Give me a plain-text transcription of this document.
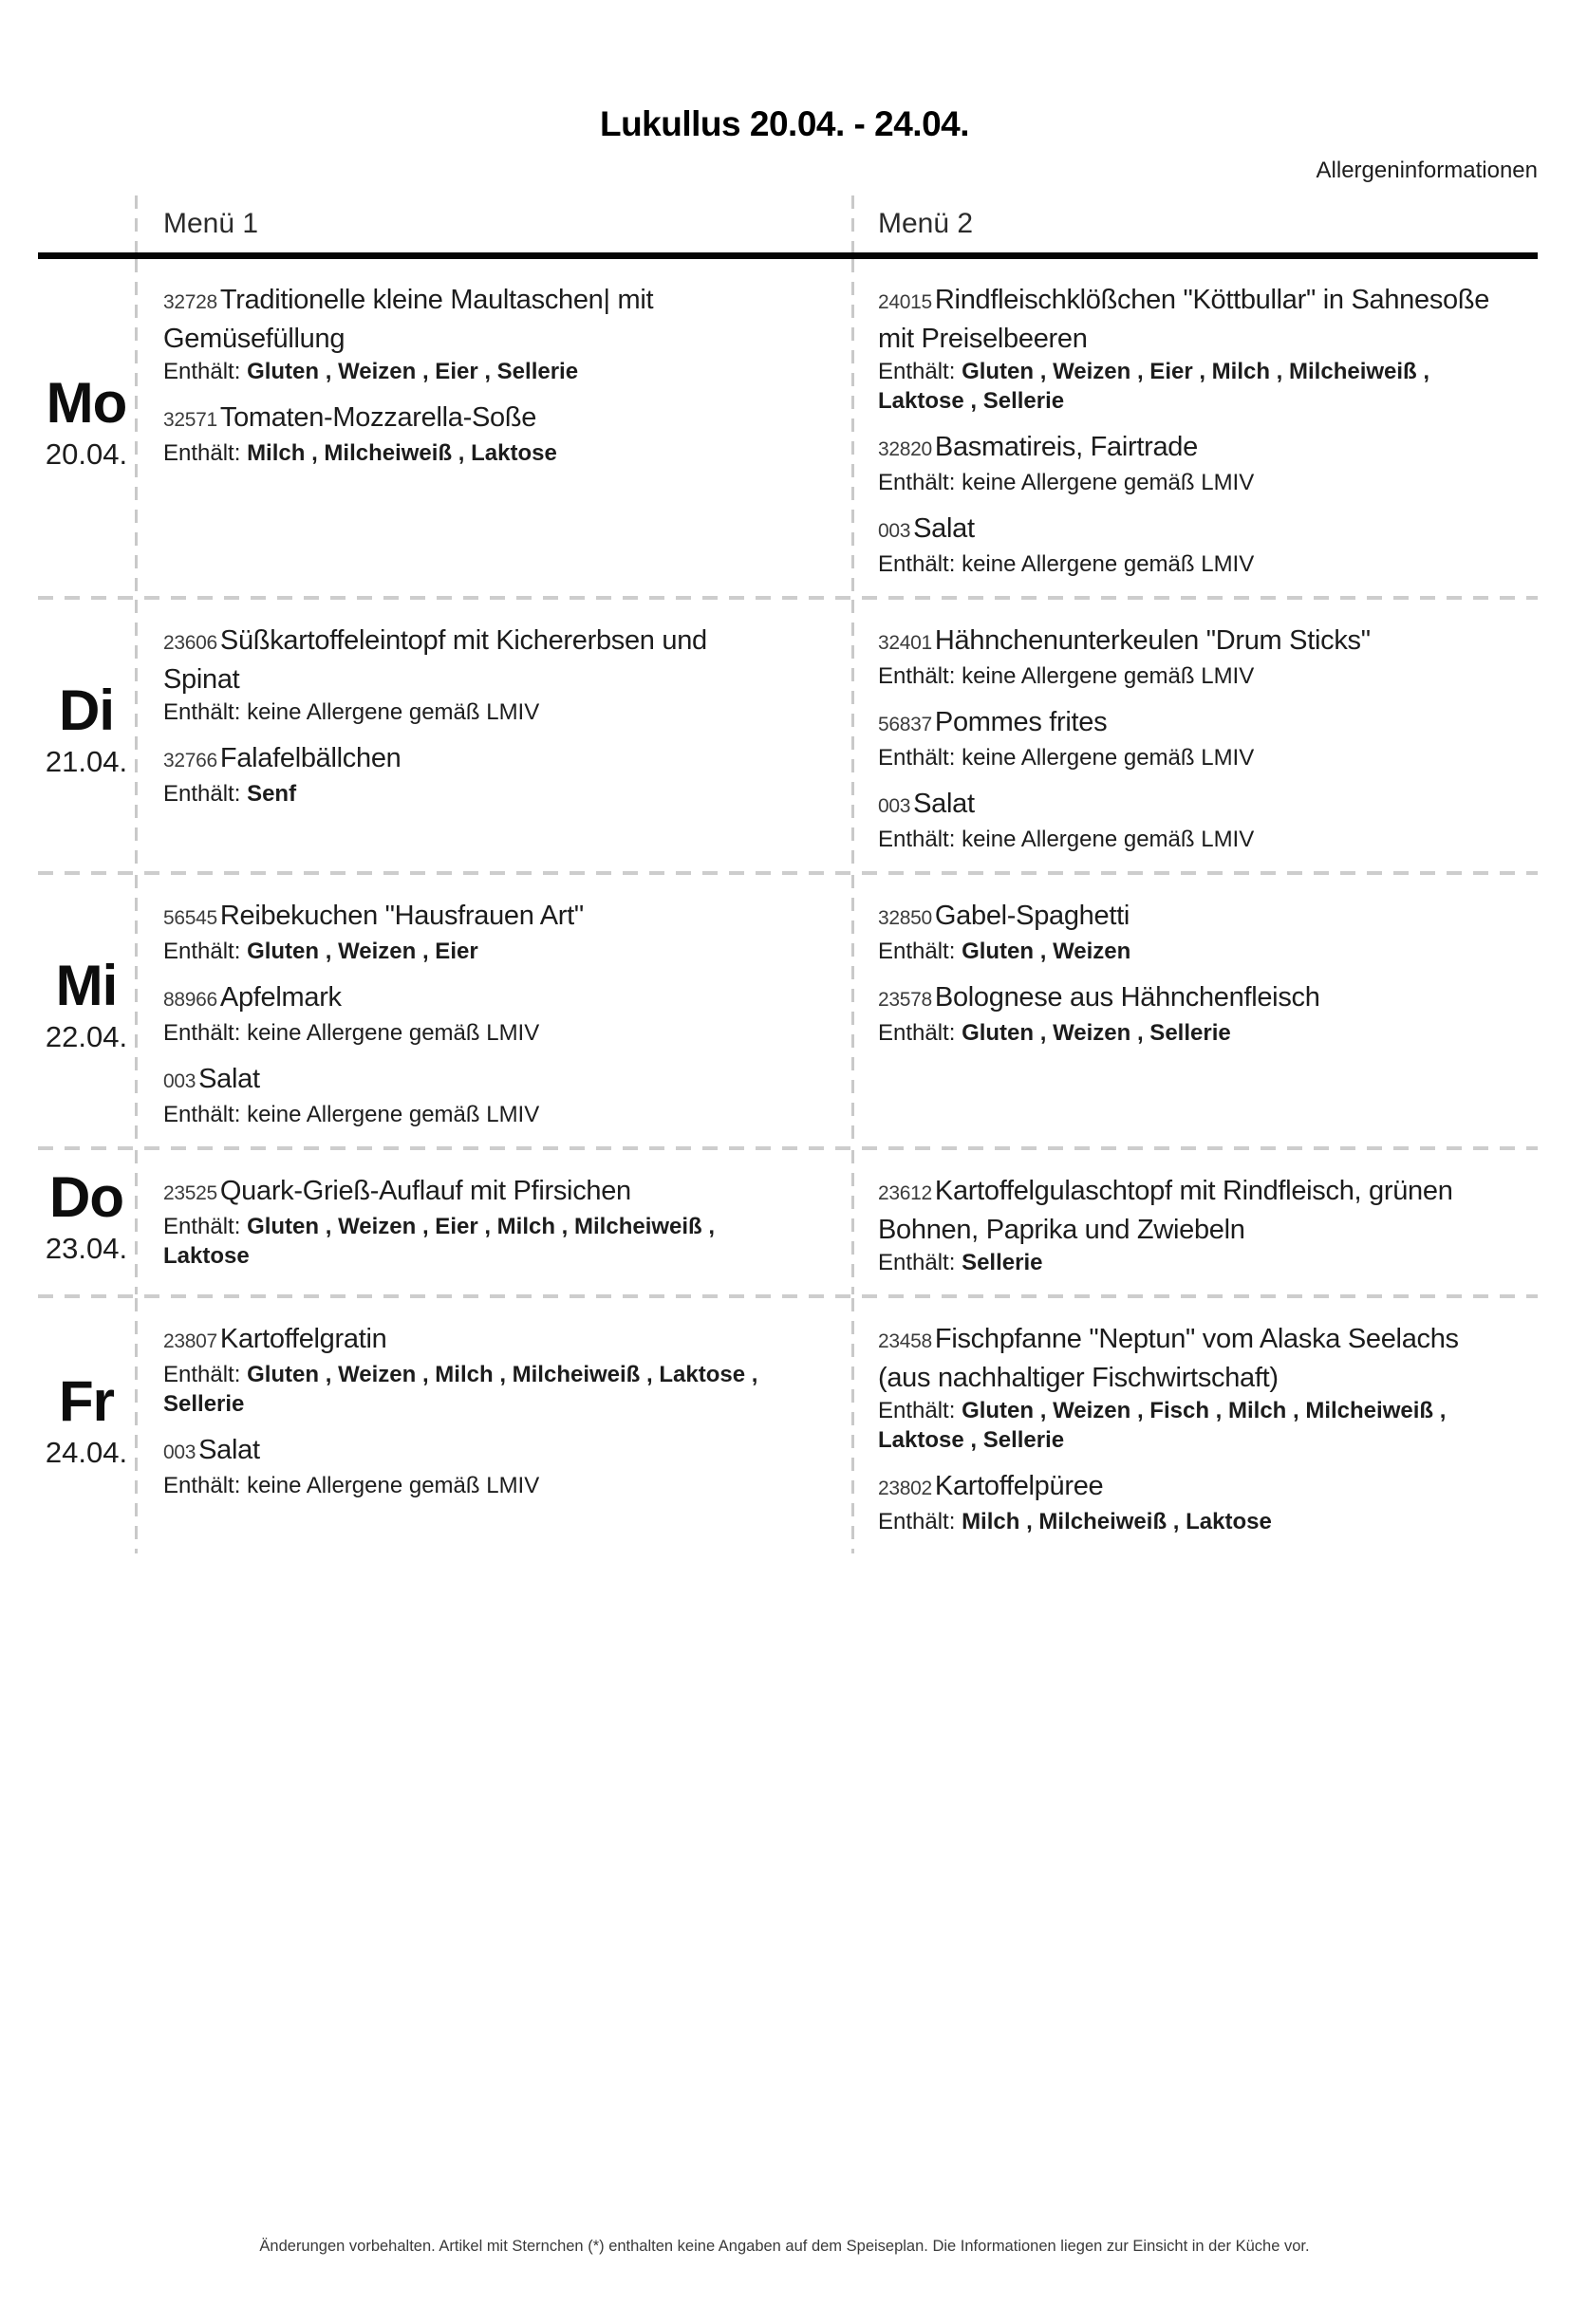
Lukullus 20.04. - 24.04.
Allergeninformationen
Menü 1	Menü 2
Mo
20.04.
32728 Traditionelle kleine Maultaschen| mit Gemüsefüllung
Enthält: Gluten , Weizen , Eier , Sellerie
32571 Tomaten-Mozzarella-Soße
Enthält: Milch , Milcheiweiß , Laktose
24015 Rindfleischklößchen "Köttbullar" in Sahnesoße mit Preiselbeeren
Enthält: Gluten , Weizen , Eier , Milch , Milcheiweiß , Laktose , Sellerie
32820 Basmatireis, Fairtrade
Enthält: keine Allergene gemäß LMIV
003 Salat
Enthält: keine Allergene gemäß LMIV
Di
21.04.
23606 Süßkartoffeleintopf mit Kichererbsen und Spinat
Enthält: keine Allergene gemäß LMIV
32766 Falafelbällchen
Enthält: Senf
32401 Hähnchenunterkeulen "Drum Sticks"
Enthält: keine Allergene gemäß LMIV
56837 Pommes frites
Enthält: keine Allergene gemäß LMIV
003 Salat
Enthält: keine Allergene gemäß LMIV
Mi
22.04.
56545 Reibekuchen "Hausfrauen Art"
Enthält: Gluten , Weizen , Eier
88966 Apfelmark
Enthält: keine Allergene gemäß LMIV
003 Salat
Enthält: keine Allergene gemäß LMIV
32850 Gabel-Spaghetti
Enthält: Gluten , Weizen
23578 Bolognese aus Hähnchenfleisch
Enthält: Gluten , Weizen , Sellerie
Do
23.04.
23525 Quark-Grieß-Auflauf mit Pfirsichen
Enthält: Gluten , Weizen , Eier , Milch , Milcheiweiß , Laktose
23612 Kartoffelgulaschtopf mit Rindfleisch, grünen Bohnen, Paprika und Zwiebeln
Enthält: Sellerie
Fr
24.04.
23807 Kartoffelgratin
Enthält: Gluten , Weizen , Milch , Milcheiweiß , Laktose , Sellerie
003 Salat
Enthält: keine Allergene gemäß LMIV
23458 Fischpfanne "Neptun" vom Alaska Seelachs (aus nachhaltiger Fischwirtschaft)
Enthält: Gluten , Weizen , Fisch , Milch , Milcheiweiß , Laktose , Sellerie
23802 Kartoffelpüree
Enthält: Milch , Milcheiweiß , Laktose
Änderungen vorbehalten. Artikel mit Sternchen (*) enthalten keine Angaben auf dem Speiseplan. Die Informationen liegen zur Einsicht in der Küche vor.
